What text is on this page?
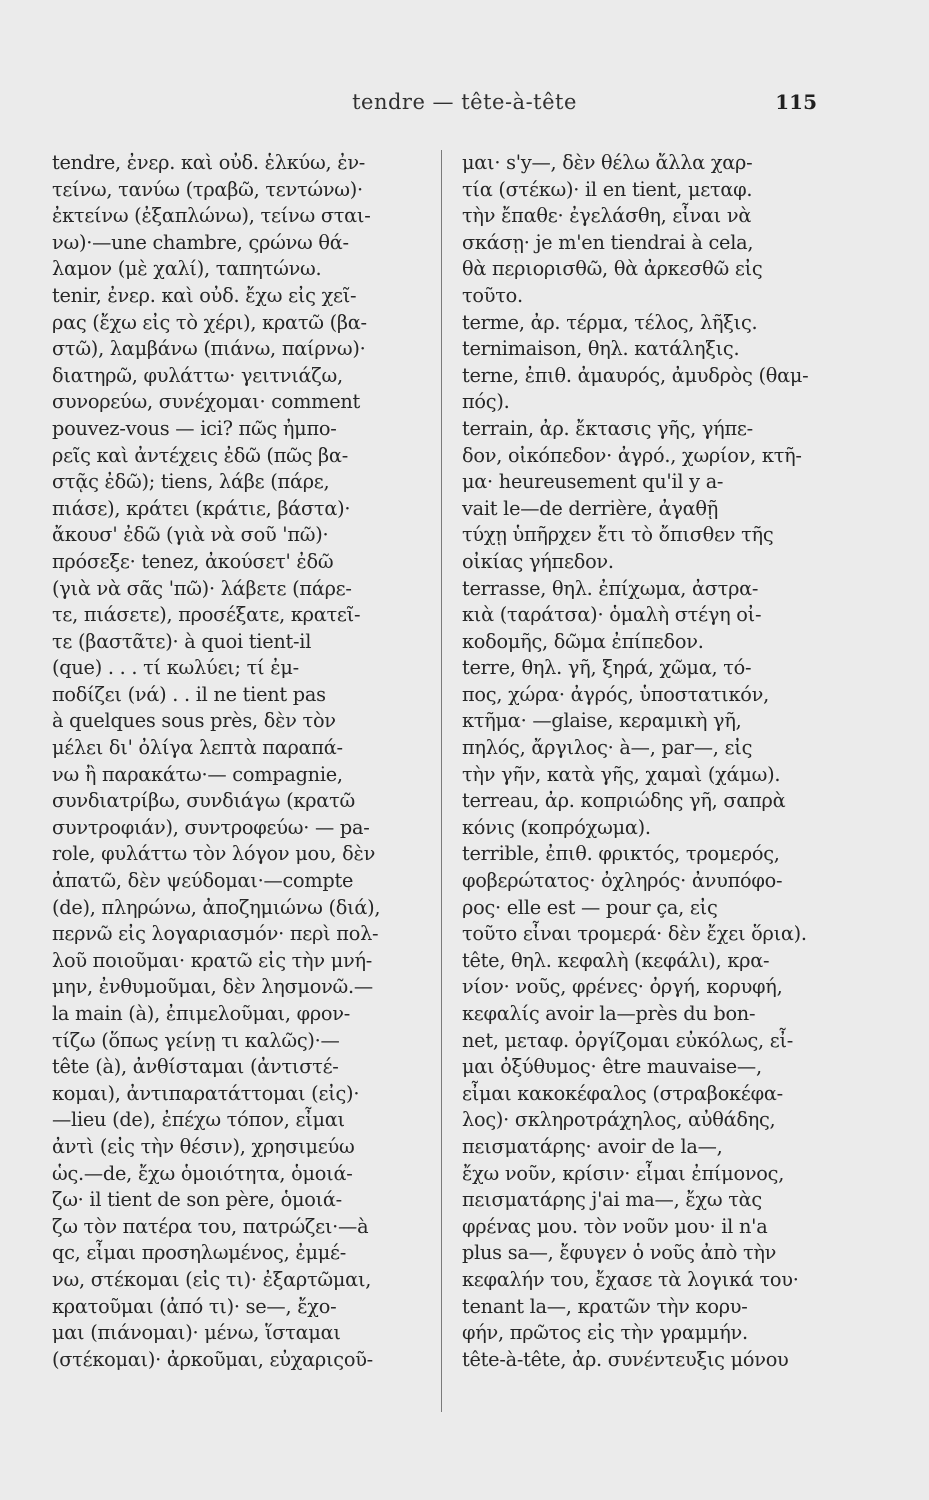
tendre — tête-à-tête	115
tendre, ἐνερ. καὶ οὐδ. ἑλκύω, ἐν-
τείνω, τανύω (τραβῶ, τεντώνω)·
ἐκτείνω (ἐξαπλώνω), τείνω σται-
νω)·—une chambre, ςρώνω θά-
λαμον (μὲ χαλί), ταπητώνω.
tenir, ἐνερ. καὶ οὐδ. ἔχω εἰς χεῖ-
ρας (ἔχω εἰς τὸ χέρι), κρατῶ (βα-
στῶ), λαμβάνω (πιάνω, παίρνω)·
διατηρῶ, φυλάττω· γειτνιάζω,
συνορεύω, συνέχομαι· comment
pouvez-vous — ici? πῶς ἠμπο-
ρεῖς καὶ ἀντέχεις ἐδῶ (πῶς βα-
στᾷς ἐδῶ); tiens, λάβε (πάρε,
πιάσε), κράτει (κράτιε, βάστα)·
ἄκουσ' ἐδῶ (γιὰ νὰ σοῦ 'πῶ)·
πρόσεξε· tenez, ἀκούσετ' ἐδῶ
(γιὰ νὰ σᾶς 'πῶ)· λάβετε (πάρε-
τε, πιάσετε), προσέξατε, κρατεῖ-
τε (βαστᾶτε)· à quoi tient-il
(que) . . . τί κωλύει; τί ἐμ-
ποδίζει (νά) . . il ne tient pas
à quelques sous près, δὲν τὸν
μέλει δι' ὀλίγα λεπτὰ παραπά-
νω ἢ παρακάτω·— compagnie,
συνδιατρίβω, συνδιάγω (κρατῶ
συντροφιάν), συντροφεύω· — pa-
role, φυλάττω τὸν λόγον μου, δὲν
ἀπατῶ, δὲν ψεύδομαι·—compte
(de), πληρώνω, ἀποζημιώνω (διά),
περνῶ εἰς λογαριασμόν· περὶ πολ-
λοῦ ποιοῦμαι· κρατῶ εἰς τὴν μνή-
μην, ἐνθυμοῦμαι, δὲν λησμονῶ.—
la main (à), ἐπιμελοῦμαι, φρον-
τίζω (ὅπως γείνῃ τι καλῶς)·—
tête (à), ἀνθίσταμαι (ἀντιστέ-
κομαι), ἀντιπαρατάττομαι (εἰς)·
—lieu (de), ἐπέχω τόπον, εἶμαι
ἀντὶ (εἰς τὴν θέσιν), χρησιμεύω
ὡς.—de, ἔχω ὁμοιότητα, ὁμοιά-
ζω· il tient de son père, ὁμοιά-
ζω τὸν πατέρα του, πατρώζει·—à
qc, εἶμαι προσηλωμένος, ἐμμέ-
νω, στέκομαι (εἰς τι)· ἐξαρτῶμαι,
κρατοῦμαι (ἀπό τι)· se—, ἔχο-
μαι (πιάνομαι)· μένω, ἵσταμαι
(στέκομαι)· ἀρκοῦμαι, εὐχαριςοῦ-
μαι· s'y—, δὲν θέλω ἄλλα χαρ-
τία (στέκω)· il en tient, μεταφ.
τὴν ἔπαθε· ἐγελάσθη, εἶναι νὰ
σκάσῃ· je m'en tiendrai à cela,
θὰ περιορισθῶ, θὰ ἀρκεσθῶ εἰς
τοῦτο.
terme, ἀρ. τέρμα, τέλος, λῆξις.
ternimaison, θηλ. κατάληξις.
terne, ἐπιθ. ἀμαυρός, ἀμυδρὸς (θαμ-
πός).
terrain, ἀρ. ἔκτασις γῆς, γήπε-
δον, οἰκόπεδον· ἀγρό., χωρίον, κτῆ-
μα· heureusement qu'il y a-
vait le—de derrière, ἀγαθῇ
τύχῃ ὑπῆρχεν ἔτι τὸ ὄπισθεν τῆς
οἰκίας γήπεδον.
terrasse, θηλ. ἐπίχωμα, ἀστρα-
κιὰ (ταράτσα)· ὁμαλὴ στέγη οἰ-
κοδομῆς, δῶμα ἐπίπεδον.
terre, θηλ. γῆ, ξηρά, χῶμα, τό-
πος, χώρα· ἀγρός, ὑποστατικόν,
κτῆμα· —glaise, κεραμικὴ γῆ,
πηλός, ἄργιλος· à—, par—, εἰς
τὴν γῆν, κατὰ γῆς, χαμαὶ (χάμω).
terreau, ἀρ. κοπριώδης γῆ, σαπρὰ
κόνις (κοπρόχωμα).
terrible, ἐπιθ. φρικτός, τρομερός,
φοβερώτατος· ὀχληρός· ἀνυπόφο-
ρος· elle est — pour ça, εἰς
τοῦτο εἶναι τρομερά· δὲν ἔχει ὅρια).
tête, θηλ. κεφαλὴ (κεφάλι), κρα-
νίον· νοῦς, φρένες· ὀργή, κορυφή,
κεφαλίς avoir la—près du bon-
net, μεταφ. ὀργίζομαι εὐκόλως, εἶ-
μαι ὀξύθυμος· être mauvaise—,
εἶμαι κακοκέφαλος (στραβοκέφα-
λος)· σκληροτράχηλος, αὐθάδης,
πεισματάρης· avoir de la—,
ἔχω νοῦν, κρίσιν· εἶμαι ἐπίμονος,
πεισματάρης j'ai ma—, ἔχω τὰς
φρένας μου. τὸν νοῦν μου· il n'a
plus sa—, ἔφυγεν ὁ νοῦς ἀπὸ τὴν
κεφαλήν του, ἔχασε τὰ λογικά του·
tenant la—, κρατῶν τὴν κορυ-
φήν, πρῶτος εἰς τὴν γραμμήν.
tête-à-tête, ἀρ. συνέντευξις μόνου
